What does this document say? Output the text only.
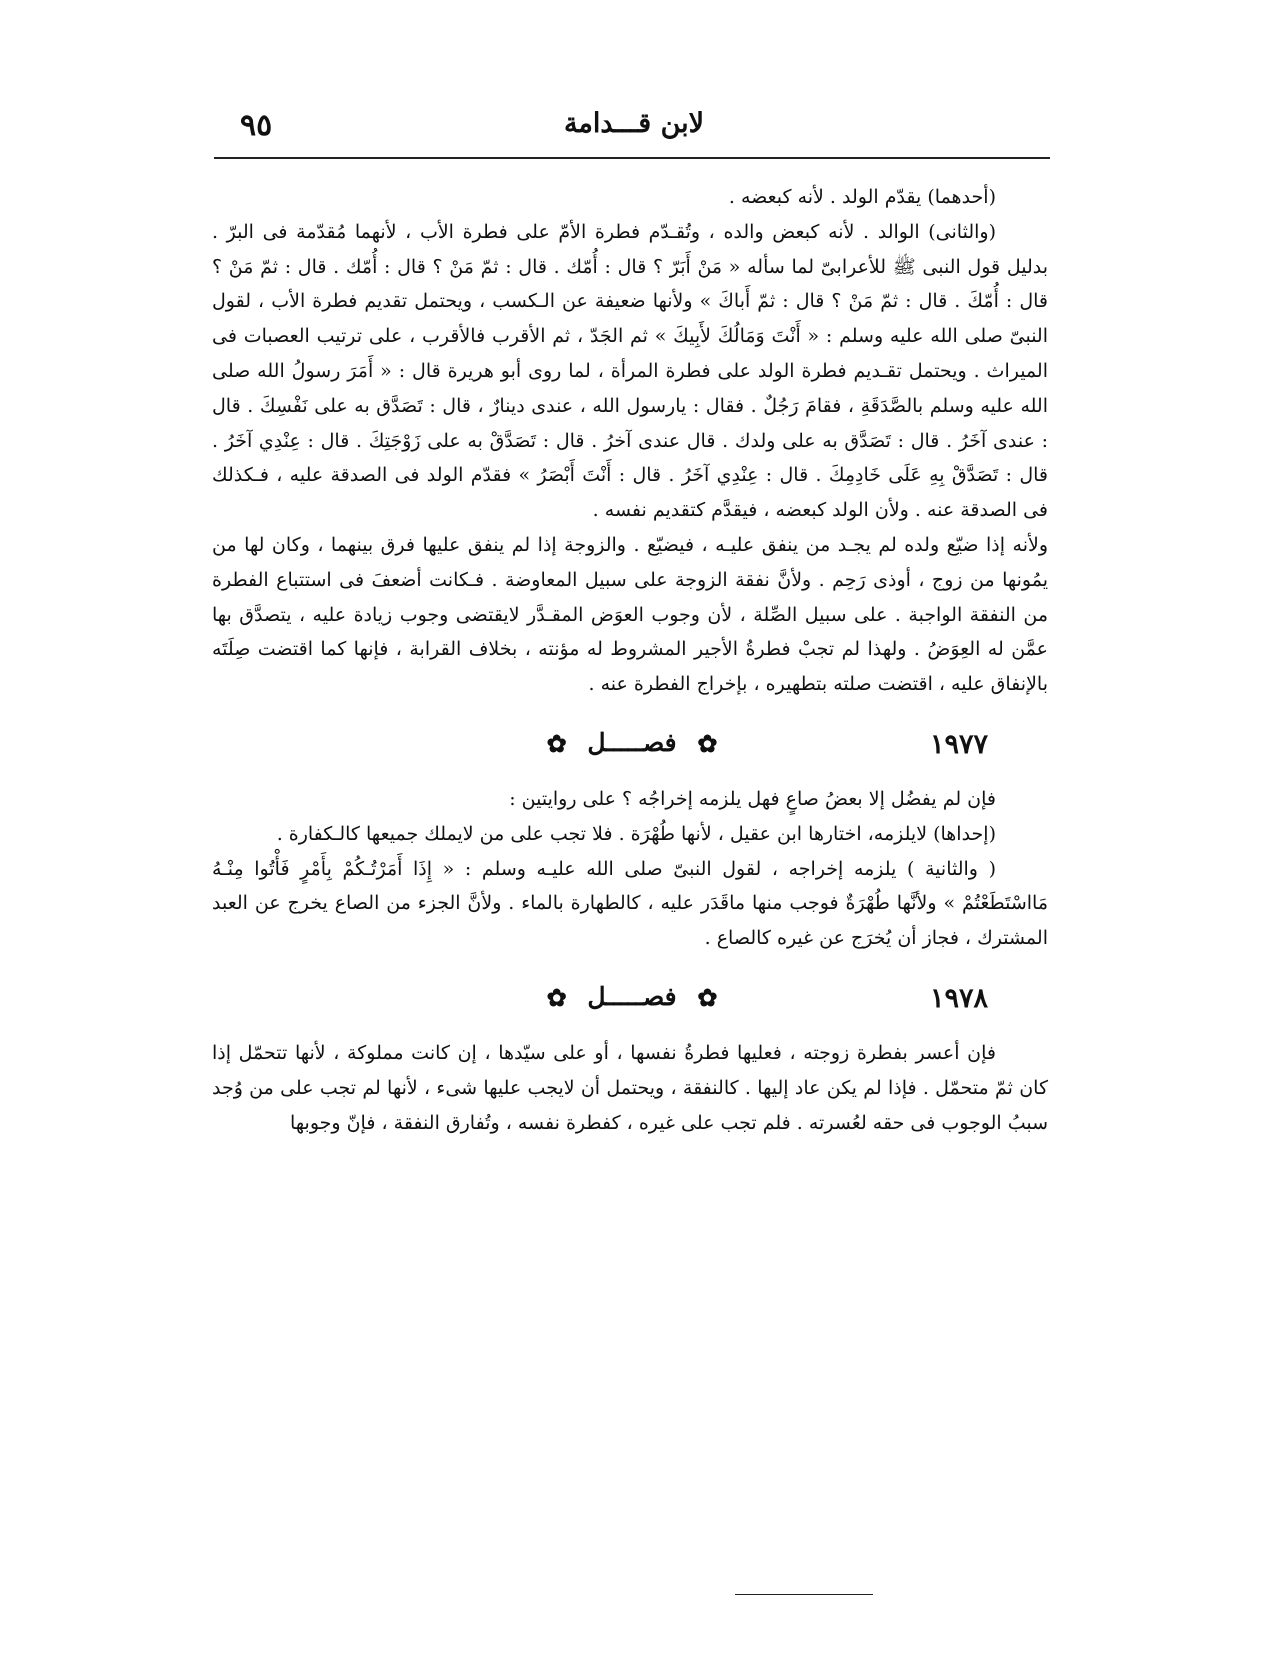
لابن قـــدامة
٩٥

(أحدهما) يقدّم الولد . لأنه كبعضه .

(والثانى) الوالد . لأنه كبعض والده ، وتُقـدّم فطرة الأمّ على فطرة الأب ، لأنهما مُقدّمة فى البرّ . بدليل قول النبى ﷺ للأعرابىّ لما سأله « مَنْ أَبَرّ ؟ قال : أُمّك . قال : ثمّ مَنْ ؟ قال : أُمّك . قال : ثمّ مَنْ ؟ قال : أُمّكَ . قال : ثمّ مَنْ ؟ قال : ثمّ أَباكَ » ولأنها ضعيفة عن الـكسب ، ويحتمل تقديم فطرة الأب ، لقول النبىّ صلى الله عليه وسلم : « أَنْتَ وَمَالُكَ لأَبِيكَ » ثم الجَدّ ، ثم الأقرب فالأقرب ، على ترتيب العصبات فى الميراث . ويحتمل تقـديم فطرة الولد على فطرة المرأة ، لما روى أبو هريرة قال : « أَمَرَ رسولُ الله صلى الله عليه وسلم بالصَّدَقَةِ ، فقامَ رَجُلٌ . فقال : يارسول الله ، عندى دينارٌ ، قال : تَصَدَّق به على نَفْسِكَ . قال : عندى آخَرُ . قال : تَصَدَّق به على ولدك . قال عندى آخرُ . قال : تَصَدَّقْ به على زَوْجَتِكَ . قال : عِنْدِي آخَرُ . قال : تَصَدَّقْ بِهِ عَلَى خَادِمِكَ . قال : عِنْدِي آخَرُ . قال : أَنْتَ أَبْصَرُ » فقدّم الولد فى الصدقة عليه ، فـكذلك فى الصدقة عنه . ولأن الولد كبعضه ، فيقدَّم كتقديم نفسه .

ولأنه إذا ضيّع ولده لم يجـد من ينفق عليـه ، فيضيّع . والزوجة إذا لم ينفق عليها فرق بينهما ، وكان لها من يمُونها من زوج ، أوذى رَحِم . ولأنَّ نفقة الزوجة على سبيل المعاوضة . فـكانت أضعفَ فى استتباع الفطرة من النفقة الواجبة . على سبيل الصِّلة ، لأن وجوب العوَض المقـدَّر لايقتضى وجوب زيادة عليه ، يتصدَّق بها عمَّن له العِوَضُ . ولهذا لم تجبْ فطرةُ الأجير المشروط له مؤنته ، بخلاف القرابة ، فإنها كما اقتضت صِلَتَه بالإنفاق عليه ، اقتضت صلته بتطهيره ، بإخراج الفطرة عنه .

١٩٧٧
✿ فصـــــل ✿

فإن لم يفضُل إلا بعضُ صاعٍ فهل يلزمه إخراجُه ؟ على روايتين :

(إحداها) لايلزمه، اختارها ابن عقيل ، لأنها طُهْرَة . فلا تجب على من لايملك جميعها كالـكفارة .

( والثانية ) يلزمه إخراجه ، لقول النبىّ صلى الله عليـه وسلم : « إِذَا أَمَرْتُـكُمْ بِأَمْرٍ فَأْتُوا مِنْـهُ مَااسْتَطَعْتُمْ » ولأنَّها طُهْرَةٌ فوجب منها ماقَدَر عليه ، كالطهارة بالماء . ولأنَّ الجزء من الصاع يخرج عن العبد المشترك ، فجاز أن يُخرَج عن غيره كالصاع .

١٩٧٨
✿ فصـــــل ✿

فإن أعسر بفطرة زوجته ، فعليها فطرةُ نفسها ، أو على سيّدها ، إن كانت مملوكة ، لأنها تتحمّل إذا كان ثمّ متحمّل . فإذا لم يكن عاد إليها . كالنفقة ، ويحتمل أن لايجب عليها شىء ، لأنها لم تجب على من وُجد سببُ الوجوب فى حقه لعُسرته . فلم تجب على غيره ، كفطرة نفسه ، وتُفارق النفقة ، فإنّ وجوبها
